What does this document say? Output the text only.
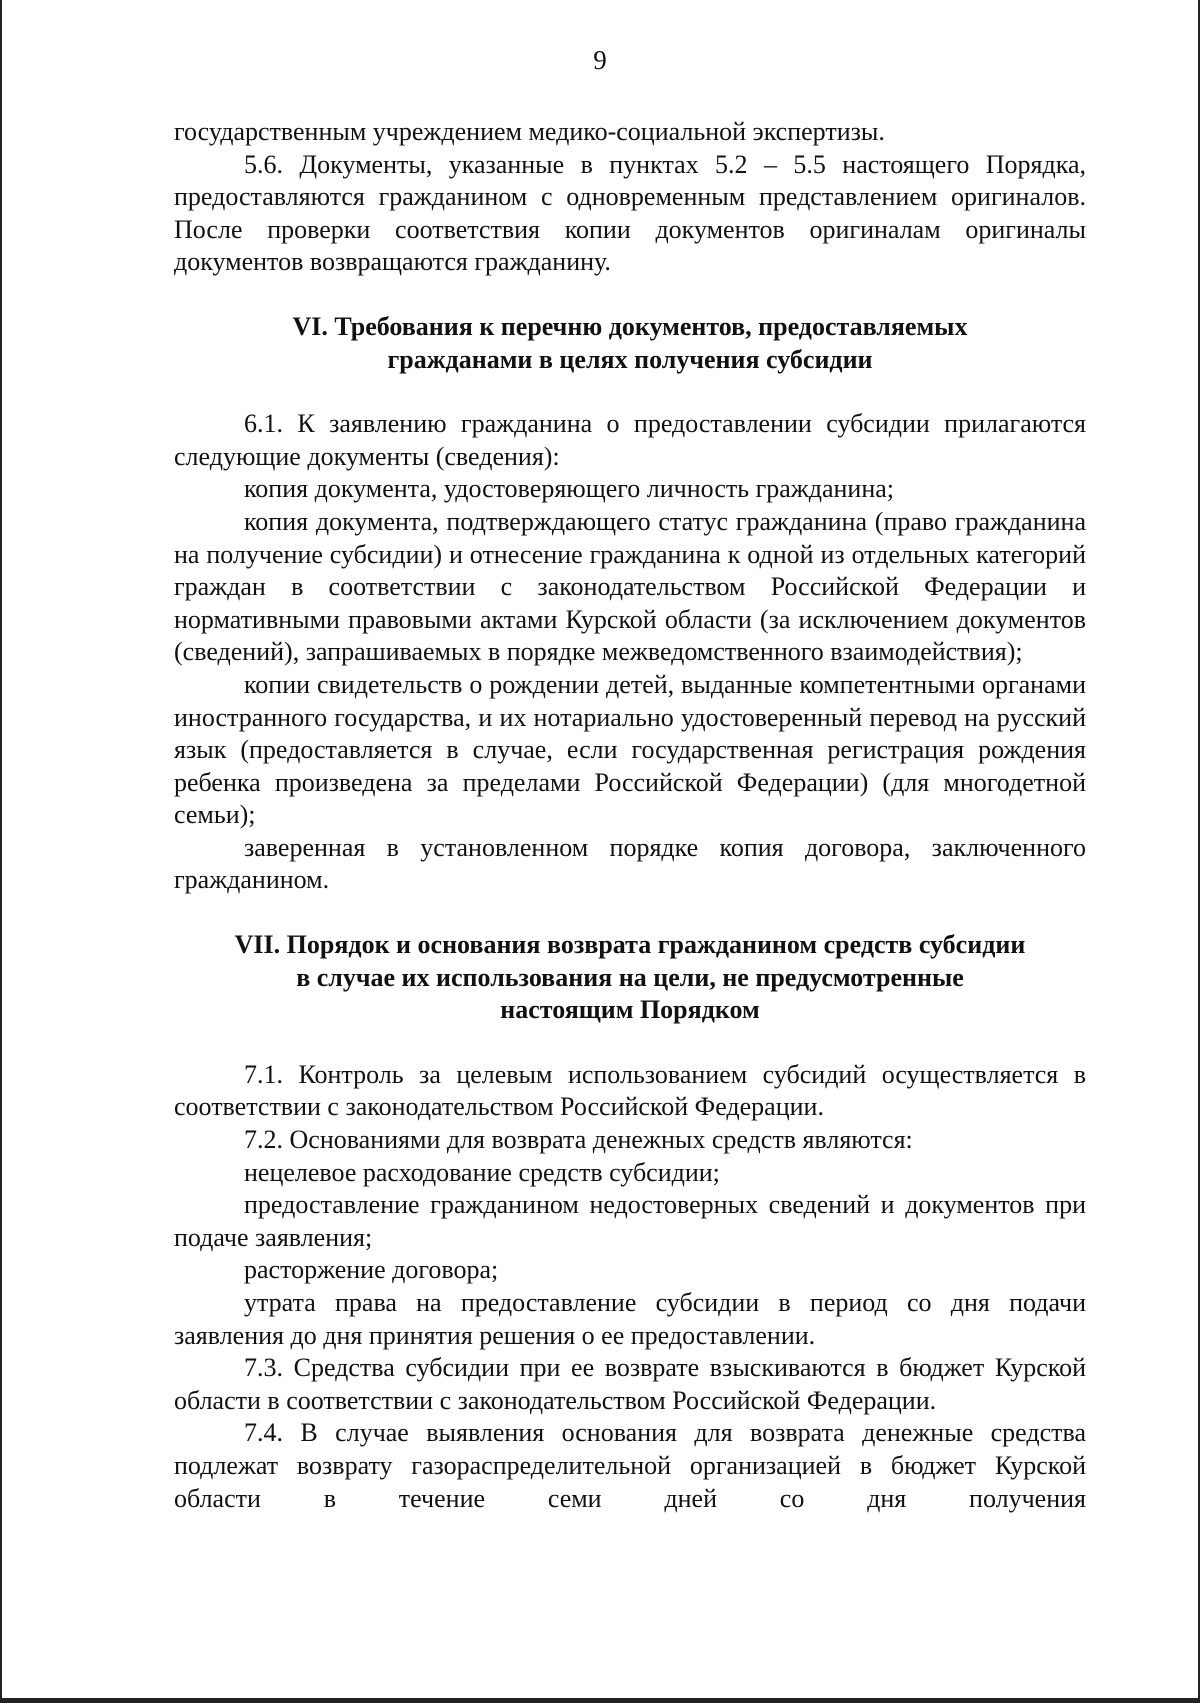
9

государственным учреждением медико-социальной экспертизы.

5.6. Документы, указанные в пунктах 5.2 – 5.5 настоящего Порядка, предоставляются гражданином с одновременным представлением оригиналов. После проверки соответствия копии документов оригиналам оригиналы документов возвращаются гражданину.

VI. Требования к перечню документов, предоставляемых
гражданами в целях получения субсидии

6.1. К заявлению гражданина о предоставлении субсидии прилагаются следующие документы (сведения):

копия документа, удостоверяющего личность гражданина;

копия документа, подтверждающего статус гражданина (право гражданина на получение субсидии) и отнесение гражданина к одной из отдельных категорий граждан в соответствии с законодательством Российской Федерации и нормативными правовыми актами Курской области (за исключением документов (сведений), запрашиваемых в порядке межведомственного взаимодействия);

копии свидетельств о рождении детей, выданные компетентными органами иностранного государства, и их нотариально удостоверенный перевод на русский язык (предоставляется в случае, если государственная регистрация рождения ребенка произведена за пределами Российской Федерации) (для многодетной семьи);

заверенная в установленном порядке копия договора, заключенного гражданином.

VII. Порядок и основания возврата гражданином средств субсидии
в случае их использования на цели, не предусмотренные
настоящим Порядком

7.1. Контроль за целевым использованием субсидий осуществляется в соответствии с законодательством Российской Федерации.

7.2. Основаниями для возврата денежных средств являются:

нецелевое расходование средств субсидии;

предоставление гражданином недостоверных сведений и документов при подаче заявления;

расторжение договора;

утрата права на предоставление субсидии в период со дня подачи заявления до дня принятия решения о ее предоставлении.

7.3. Средства субсидии при ее возврате взыскиваются в бюджет Курской области в соответствии с законодательством Российской Федерации.

7.4. В случае выявления основания для возврата денежные средства подлежат возврату газораспределительной организацией в бюджет Курской области в течение семи дней со дня получения
